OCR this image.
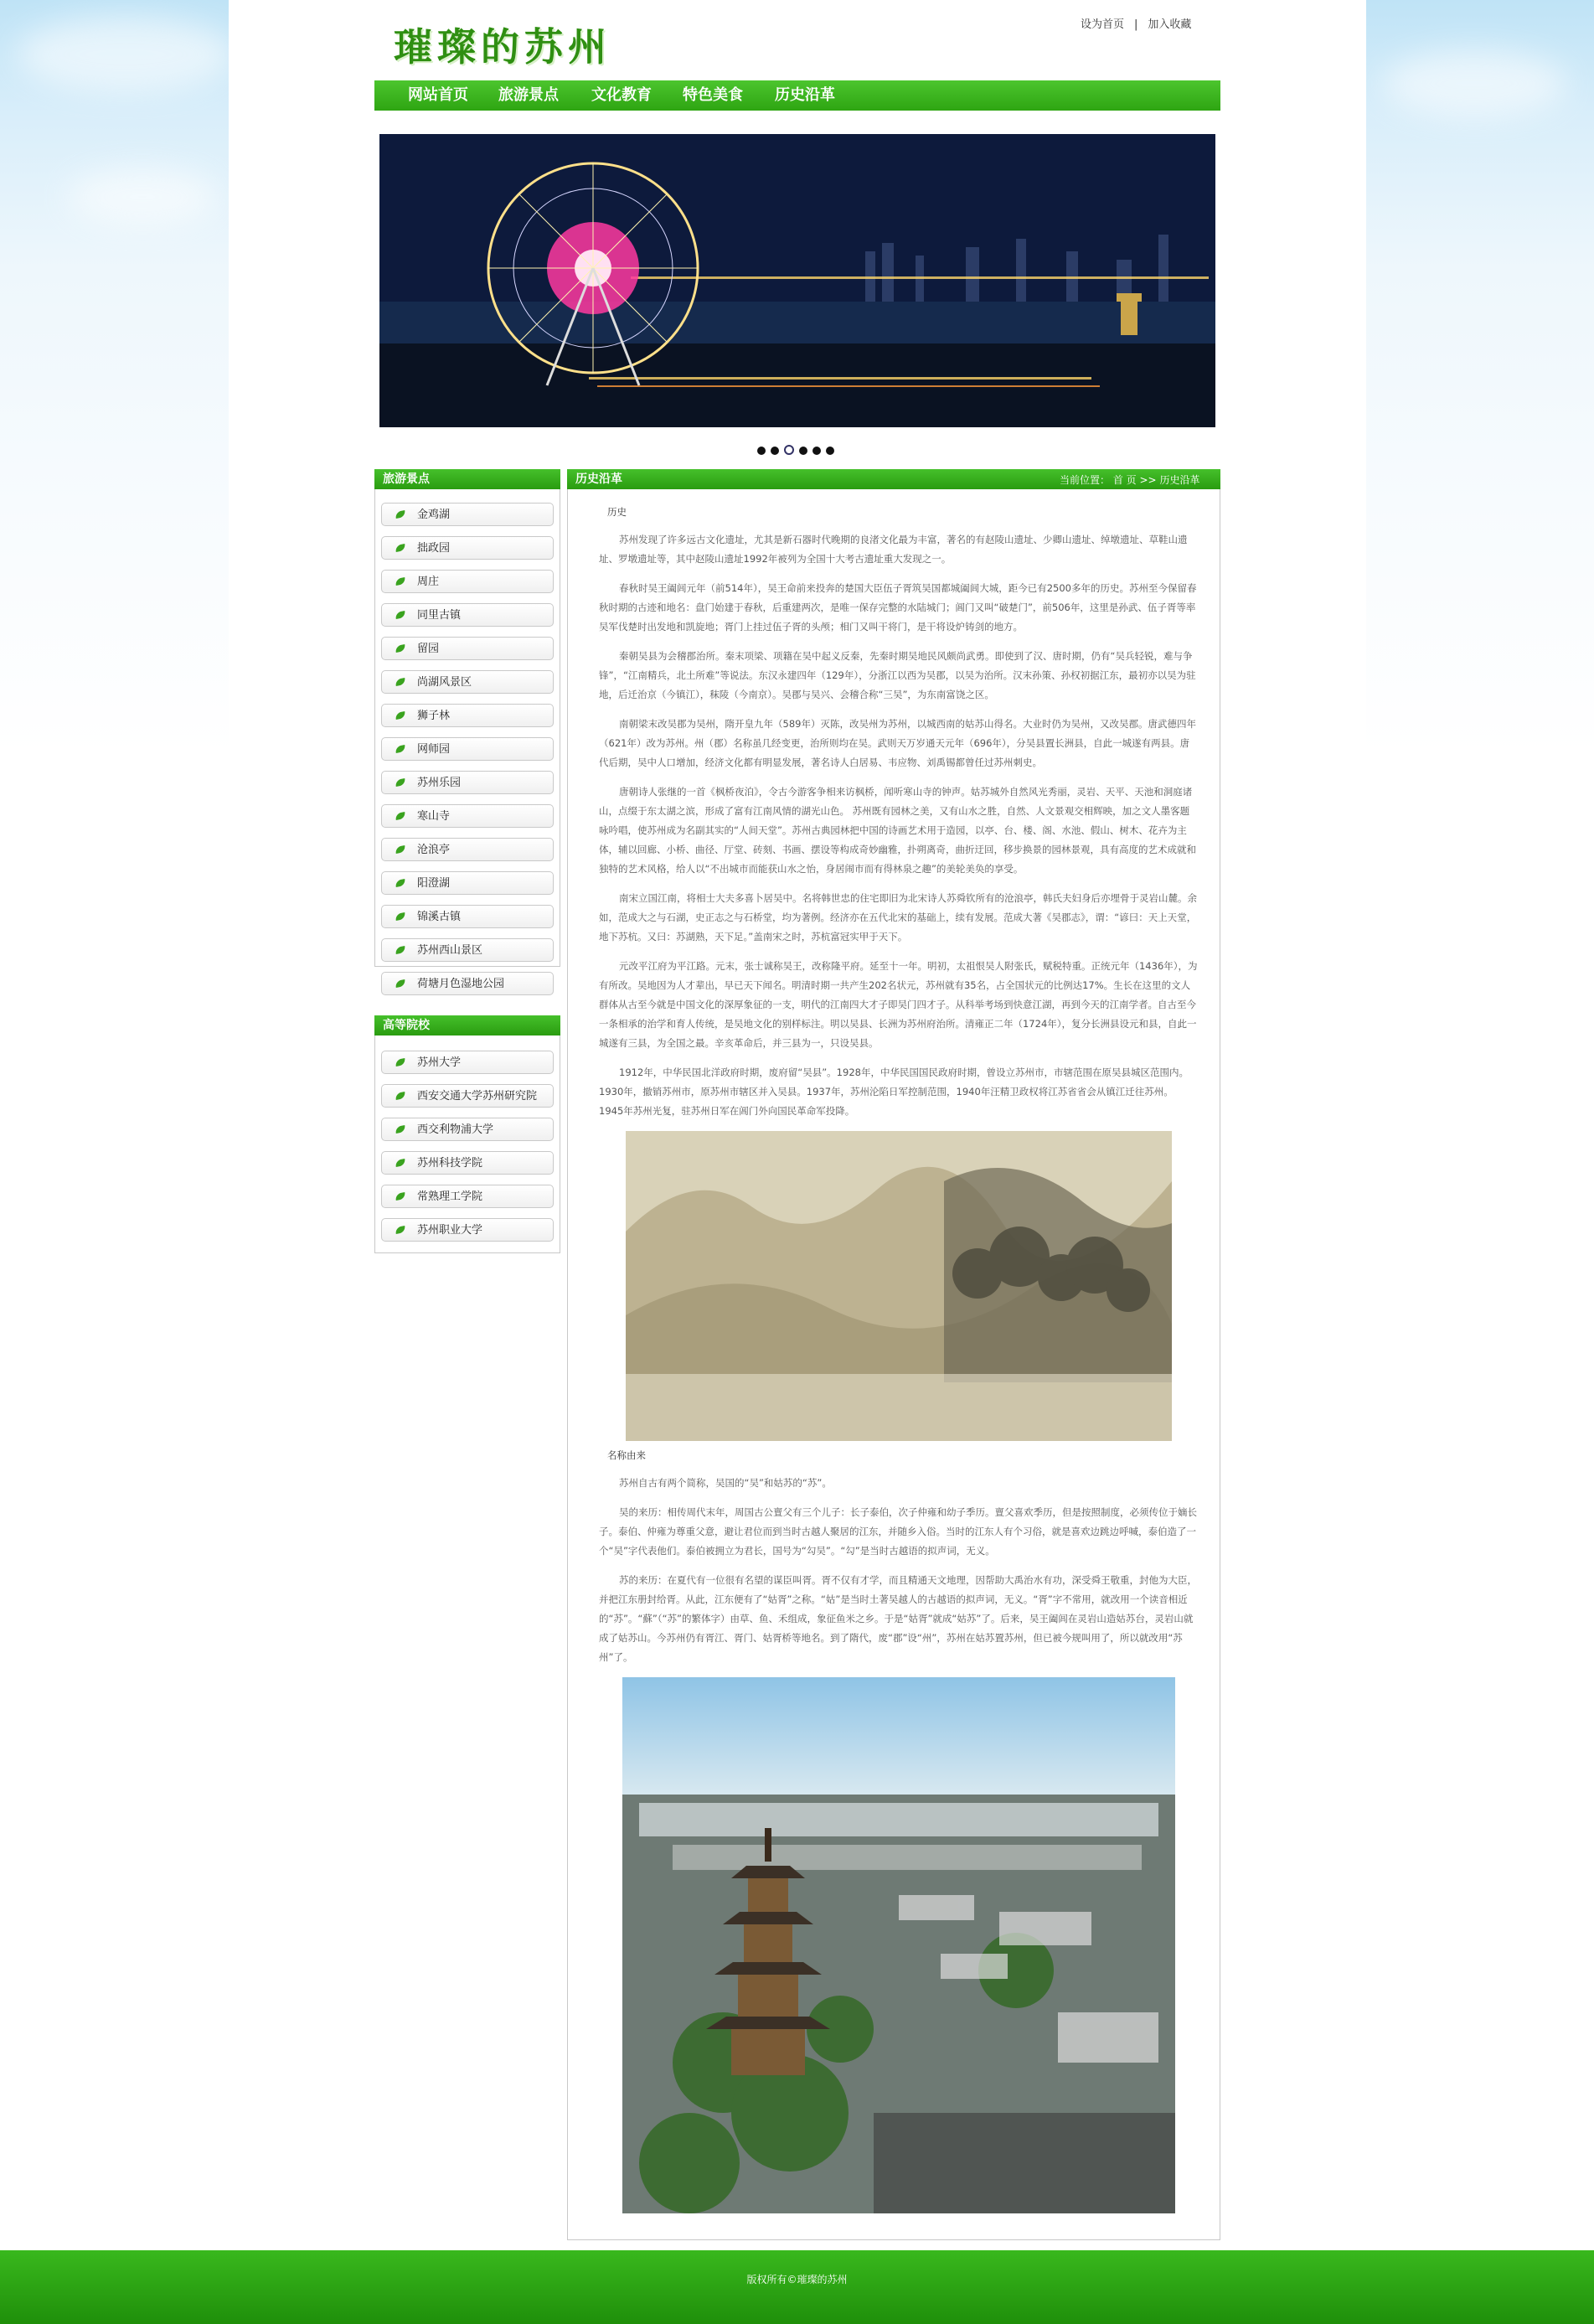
璀璨的苏州	设为首页 | 加入收藏
网站首页 旅游景点 文化教育 特色美食 历史沿革
旅游景点
金鸡湖
拙政园
周庄
同里古镇
留园
尚湖风景区
狮子林
网师园
苏州乐园
寒山寺
沧浪亭
阳澄湖
锦溪古镇
苏州西山景区
荷塘月色湿地公园
高等院校
苏州大学
西安交通大学苏州研究院
西交利物浦大学
苏州科技学院
常熟理工学院
苏州职业大学
历史沿革	当前位置： 首 页 >> 历史沿革

历史

苏州发现了许多远古文化遗址，尤其是新石器时代晚期的良渚文化最为丰富，著名的有赵陵山遗址、少卿山遗址、绰墩遗址、草鞋山遗址、罗墩遗址等，其中赵陵山遗址1992年被列为全国十大考古遗址重大发现之一。

春秋时吴王阖闾元年（前514年），吴王命前来投奔的楚国大臣伍子胥筑吴国都城阖闾大城，距今已有2500多年的历史。苏州至今保留春秋时期的古迹和地名：盘门始建于春秋，后重建两次，是唯一保存完整的水陆城门；阊门又叫“破楚门”，前506年，这里是孙武、伍子胥等率吴军伐楚时出发地和凯旋地；胥门上挂过伍子胥的头颅；相门又叫干将门，是干将设炉铸剑的地方。

秦朝吴县为会稽郡治所。秦末项梁、项籍在吴中起义反秦，先秦时期吴地民风颇尚武勇。即使到了汉、唐时期，仍有“吴兵轻锐，难与争锋”，“江南精兵，北土所难”等说法。东汉永建四年（129年），分浙江以西为吴郡，以吴为治所。汉末孙策、孙权初据江东，最初亦以吴为驻地，后迁治京（今镇江），秣陵（今南京）。吴郡与吴兴、会稽合称“三吴”，为东南富饶之区。

南朝梁末改吴郡为吴州，隋开皇九年（589年）灭陈，改吴州为苏州，以城西南的姑苏山得名。大业时仍为吴州，又改吴郡。唐武德四年（621年）改为苏州。州（郡）名称虽几经变更，治所则均在吴。武则天万岁通天元年（696年），分吴县置长洲县，自此一城遂有两县。唐代后期，吴中人口增加，经济文化都有明显发展，著名诗人白居易、韦应物、刘禹锡都曾任过苏州刺史。

唐朝诗人张继的一首《枫桥夜泊》，令古今游客争相来访枫桥，闻听寒山寺的钟声。姑苏城外自然风光秀丽，灵岩、天平、天池和洞庭诸山，点缀于东太湖之滨，形成了富有江南风情的湖光山色。 苏州既有园林之美，又有山水之胜，自然、人文景观交相辉映，加之文人墨客题咏吟唱，使苏州成为名副其实的“人间天堂”。苏州古典园林把中国的诗画艺术用于造园，以亭、台、楼、阁、水池、假山、树木、花卉为主体，辅以回廊、小桥、曲径、厅堂、砖刻、书画、摆设等构成奇妙幽雅，扑朔离奇，曲折迂回，移步换景的园林景观，具有高度的艺术成就和独特的艺术风格，给人以“不出城市而能获山水之怡，身居闹市而有得林泉之趣”的美轮美奂的享受。

南宋立国江南，将相士大夫多喜卜居吴中。名将韩世忠的住宅即旧为北宋诗人苏舜钦所有的沧浪亭，韩氏夫妇身后亦埋骨于灵岩山麓。余如，范成大之与石湖，史正志之与石桥堂，均为著例。经济亦在五代北宋的基础上，续有发展。范成大著《吴郡志》，谓：“谚曰：天上天堂，地下苏杭。又曰：苏湖熟，天下足。”盖南宋之时，苏杭富冠实甲于天下。

元改平江府为平江路。元末，张士诚称吴王，改称隆平府。延至十一年。明初，太祖恨吴人附张氏，赋税特重。正统元年（1436年），为有所改。吴地因为人才辈出，早已天下闻名。明清时期一共产生202名状元，苏州就有35名，占全国状元的比例达17%。生长在这里的文人群体从古至今就是中国文化的深厚象征的一支，明代的江南四大才子即吴门四才子。从科举考场到快意江湖，再到今天的江南学者。自古至今一条相承的治学和育人传统，是吴地文化的别样标注。明以吴县、长洲为苏州府治所。清雍正二年（1724年），复分长洲县设元和县，自此一城遂有三县，为全国之最。辛亥革命后，并三县为一，只设吴县。

1912年，中华民国北洋政府时期，废府留“吴县”。1928年，中华民国国民政府时期，曾设立苏州市，市辖范围在原吴县城区范围内。1930年，撤销苏州市，原苏州市辖区并入吴县。1937年，苏州沦陷日军控制范围，1940年汪精卫政权将江苏省省会从镇江迁往苏州。1945年苏州光复，驻苏州日军在阊门外向国民革命军投降。

名称由来

苏州自古有两个简称，吴国的“吴”和姑苏的“苏”。

吴的来历：相传周代末年，周国古公亶父有三个儿子：长子泰伯，次子仲雍和幼子季历。亶父喜欢季历，但是按照制度，必须传位于嫡长子。泰伯、仲雍为尊重父意，避让君位而到当时古越人聚居的江东，并随乡入俗。当时的江东人有个习俗，就是喜欢边跳边呼喊，泰伯造了一个“吴”字代表他们。泰伯被拥立为君长，国号为“勾吴”。“勾”是当时古越语的拟声词，无义。

苏的来历：在夏代有一位很有名望的谋臣叫胥。胥不仅有才学，而且精通天文地理，因帮助大禹治水有功，深受舜王敬重，封他为大臣，并把江东册封给胥。从此，江东便有了“姑胥”之称。“姑”是当时土著吴越人的古越语的拟声词，无义。“胥”字不常用，就改用一个读音相近的“苏”。“蘇”（“苏”的繁体字）由草、鱼、禾组成，象征鱼米之乡。于是“姑胥”就成“姑苏”了。后来，吴王阖闾在灵岩山造姑苏台，灵岩山就成了姑苏山。今苏州仍有胥江、胥门、姑胥桥等地名。到了隋代，废“郡”设“州”，苏州在姑苏置苏州，但已被今规叫用了，所以就改用“苏州”了。

版权所有©璀璨的苏州
